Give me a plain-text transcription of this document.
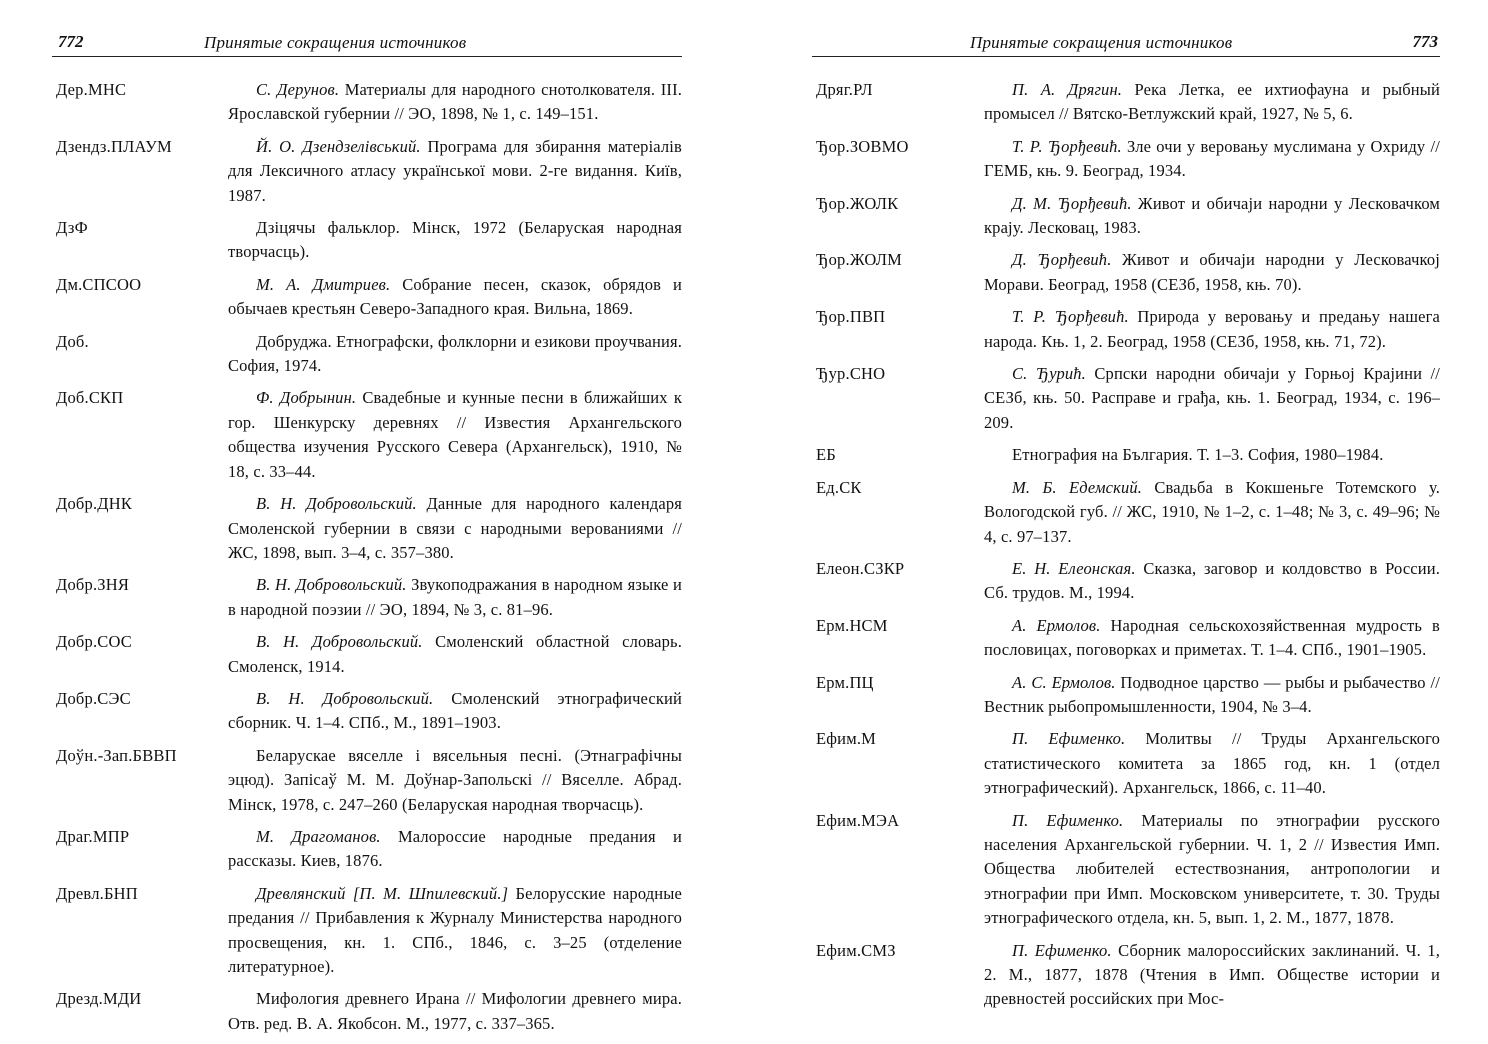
772	Принятые сокращения источников
Дер.МНС	С. Дерунов. Материалы для народного снотолкователя. III. Ярославской губернии // ЭО, 1898, № 1, с. 149–151.
Дзендз.ПЛАУМ	Й. О. Дзендзелівський. Програма для збирання матеріалів для Лексичного атласу української мови. 2-ге видання. Київ, 1987.
ДзФ	Дзіцячы фальклор. Мінск, 1972 (Беларуская народная творчасць).
Дм.СПСОО	М. А. Дмитриев. Собрание песен, сказок, обрядов и обычаев крестьян Северо-Западного края. Вильна, 1869.
Доб.	Добруджа. Етнографски, фолклорни и езикови проучвания. София, 1974.
Доб.СКП	Ф. Добрынин. Свадебные и кунные песни в ближайших к гор. Шенкурску деревнях // Известия Архангельского общества изучения Русского Севера (Архангельск), 1910, № 18, с. 33–44.
Добр.ДНК	В. Н. Добровольский. Данные для народного календаря Смоленской губернии в связи с народными верованиями // ЖС, 1898, вып. 3–4, с. 357–380.
Добр.ЗНЯ	В. Н. Добровольский. Звукоподражания в народном языке и в народной поэзии // ЭО, 1894, № 3, с. 81–96.
Добр.СОС	В. Н. Добровольский. Смоленский областной словарь. Смоленск, 1914.
Добр.СЭС	В. Н. Добровольский. Смоленский этнографический сборник. Ч. 1–4. СПб., М., 1891–1903.
Доўн.-Зап.БВВП	Беларускае вяселле і вясельныя песні. (Этнаграфічны эцюд). Запісаў М. М. Доўнар-Запольскі // Вяселле. Абрад. Мінск, 1978, с. 247–260 (Беларуская народная творчасць).
Драг.МПР	М. Драгоманов. Малороссие народные предания и рассказы. Киев, 1876.
Древл.БНП	Древлянский [П. М. Шпилевский.] Белорусские народные предания // Прибавления к Журналу Министерства народного просвещения, кн. 1. СПб., 1846, с. 3–25 (отделение литературное).
Дрезд.МДИ	Мифология древнего Ирана // Мифологии древнего мира. Отв. ред. В. А. Якобсон. М., 1977, с. 337–365.
Принятые сокращения источников	773
Дряг.РЛ	П. А. Дрягин. Река Летка, ее ихтиофауна и рыбный промысел // Вятско-Ветлужский край, 1927, № 5, 6.
Ђор.ЗОВМО	Т. Р. Ђорђевић. Зле очи у веровању муслимана у Охриду // ГЕМБ, књ. 9. Београд, 1934.
Ђор.ЖОЛК	Д. М. Ђорђевић. Живот и обичаји народни у Лесковачком крају. Лесковац, 1983.
Ђор.ЖОЛМ	Д. Ђорђевић. Живот и обичаји народни у Лесковачкој Морави. Београд, 1958 (СЕЗб, 1958, књ. 70).
Ђор.ПВП	Т. Р. Ђорђевић. Природа у веровању и предању нашега народа. Књ. 1, 2. Београд, 1958 (СЕЗб, 1958, књ. 71, 72).
Ђур.СНО	С. Ђурић. Српски народни обичаји у Горњој Крајини // СЕЗб, књ. 50. Расправе и грађа, књ. 1. Београд, 1934, с. 196–209.
ЕБ	Етнография на България. Т. 1–3. София, 1980–1984.
Ед.СК	М. Б. Едемский. Свадьба в Кокшеньге Тотемского у. Вологодской губ. // ЖС, 1910, № 1–2, с. 1–48; № 3, с. 49–96; № 4, с. 97–137.
Елеон.СЗКР	Е. Н. Елеонская. Сказка, заговор и колдовство в России. Сб. трудов. М., 1994.
Ерм.НСМ	А. Ермолов. Народная сельскохозяйственная мудрость в пословицах, поговорках и приметах. Т. 1–4. СПб., 1901–1905.
Ерм.ПЦ	А. С. Ермолов. Подводное царство — рыбы и рыбачество // Вестник рыбопромышленности, 1904, № 3–4.
Ефим.М	П. Ефименко. Молитвы // Труды Архангельского статистического комитета за 1865 год, кн. 1 (отдел этнографический). Архангельск, 1866, с. 11–40.
Ефим.МЭА	П. Ефименко. Материалы по этнографии русского населения Архангельской губернии. Ч. 1, 2 // Известия Имп. Общества любителей естествознания, антропологии и этнографии при Имп. Московском университете, т. 30. Труды этнографического отдела, кн. 5, вып. 1, 2. М., 1877, 1878.
Ефим.СМЗ	П. Ефименко. Сборник малороссийских заклинаний. Ч. 1, 2. М., 1877, 1878 (Чтения в Имп. Обществе истории и древностей российских при Мос-
